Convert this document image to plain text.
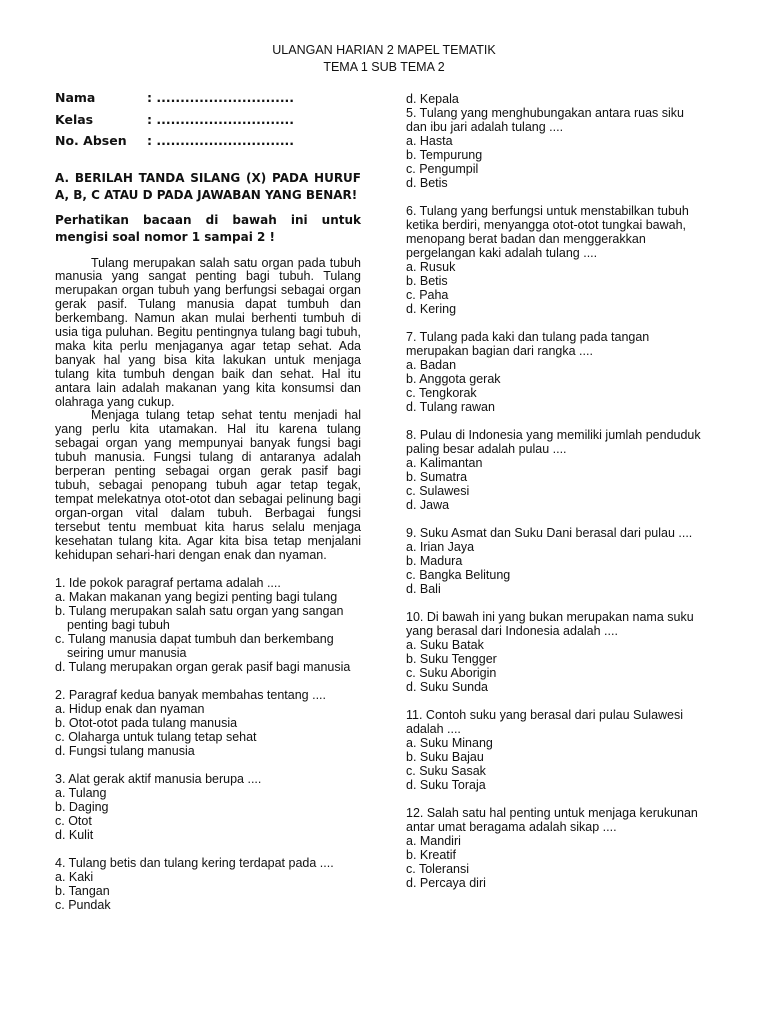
ULANGAN HARIAN 2 MAPEL TEMATIK
TEMA 1 SUB TEMA 2
Nama	: .............................
Kelas	: .............................
No. Absen : .............................
A. BERILAH TANDA SILANG (X) PADA HURUF A, B, C ATAU D PADA JAWABAN YANG BENAR!
Perhatikan bacaan di bawah ini untuk mengisi soal nomor 1 sampai 2 !

Tulang merupakan salah satu organ pada tubuh manusia yang sangat penting bagi tubuh. Tulang merupakan organ tubuh yang berfungsi sebagai organ gerak pasif. Tulang manusia dapat tumbuh dan berkembang. Namun akan mulai berhenti tumbuh di usia tiga puluhan. Begitu pentingnya tulang bagi tubuh, maka kita perlu menjaganya agar tetap sehat. Ada banyak hal yang bisa kita lakukan untuk menjaga tulang kita tumbuh dengan baik dan sehat. Hal itu antara lain adalah makanan yang kita konsumsi dan olahraga yang cukup.

Menjaga tulang tetap sehat tentu menjadi hal yang perlu kita utamakan. Hal itu karena tulang sebagai organ yang mempunyai banyak fungsi bagi tubuh manusia. Fungsi tulang di antaranya adalah berperan penting sebagai organ gerak pasif bagi tubuh, sebagai penopang tubuh agar tetap tegak, tempat melekatnya otot-otot dan sebagai pelinung bagi organ-organ vital dalam tubuh. Berbagai fungsi tersebut tentu membuat kita harus selalu menjaga kesehatan tulang kita. Agar kita bisa tetap menjalani kehidupan sehari-hari dengan enak dan nyaman.

1. Ide pokok paragraf pertama adalah ....
a. Makan makanan yang begizi penting bagi tulang
b. Tulang merupakan salah satu organ yang sangan
penting bagi tubuh
c. Tulang manusia dapat tumbuh dan berkembang
seiring umur manusia
d. Tulang merupakan organ gerak pasif bagi manusia
2. Paragraf kedua banyak membahas tentang ....
a. Hidup enak dan nyaman
b. Otot-otot pada tulang manusia
c. Olaharga untuk tulang tetap sehat
d. Fungsi tulang manusia
3. Alat gerak aktif manusia berupa ....
a. Tulang
b. Daging
c. Otot
d. Kulit
4. Tulang betis dan tulang kering terdapat pada ....
a. Kaki
b. Tangan
c. Pundak
d. Kepala
5. Tulang yang menghubungakan antara ruas siku
dan ibu jari adalah tulang ....
a. Hasta
b. Tempurung
c. Pengumpil
d. Betis
6. Tulang yang berfungsi untuk menstabilkan tubuh
ketika berdiri, menyangga otot-otot tungkai bawah,
menopang berat badan dan menggerakkan
pergelangan kaki adalah tulang ....
a. Rusuk
b. Betis
c. Paha
d. Kering
7. Tulang pada kaki dan tulang pada tangan
merupakan bagian dari rangka ....
a. Badan
b. Anggota gerak
c. Tengkorak
d. Tulang rawan
8. Pulau di Indonesia yang memiliki jumlah penduduk
paling besar adalah pulau ....
a. Kalimantan
b. Sumatra
c. Sulawesi
d. Jawa
9. Suku Asmat dan Suku Dani berasal dari pulau ....
a. Irian Jaya
b. Madura
c. Bangka Belitung
d. Bali
10. Di bawah ini yang bukan merupakan nama suku
yang berasal dari Indonesia adalah ....
a. Suku Batak
b. Suku Tengger
c. Suku Aborigin
d. Suku Sunda
11. Contoh suku yang berasal dari pulau Sulawesi
adalah ....
a. Suku Minang
b. Suku Bajau
c. Suku Sasak
d. Suku Toraja
12. Salah satu hal penting untuk menjaga kerukunan
antar umat beragama adalah sikap ....
a. Mandiri
b. Kreatif
c. Toleransi
d. Percaya diri
